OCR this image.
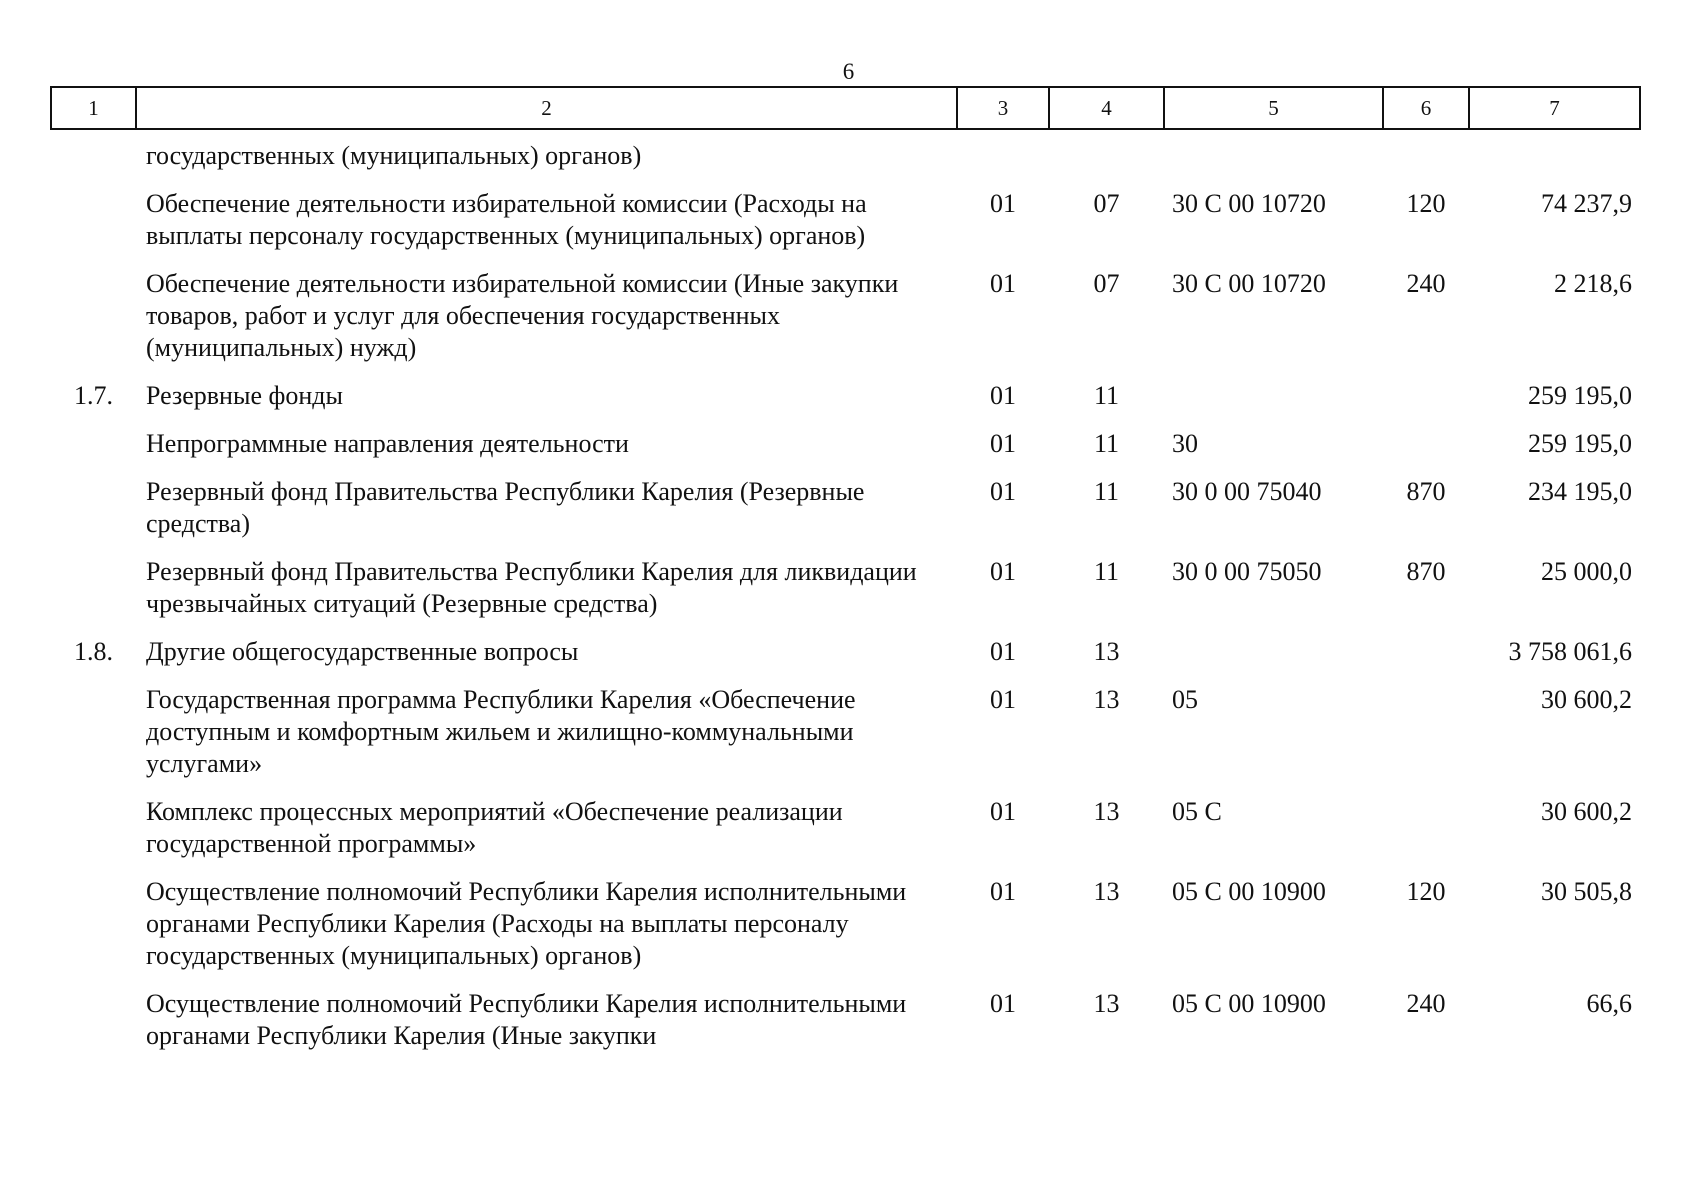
6
1	2	3	4	5	6	7
	государственных (муниципальных) органов)					
	Обеспечение деятельности избирательной комиссии (Расходы на выплаты персоналу государственных (муниципальных) органов)	01	07	30 С 00 10720	120	74 237,9
	Обеспечение деятельности избирательной комиссии (Иные закупки товаров, работ и услуг для обеспечения государственных (муниципальных) нужд)	01	07	30 С 00 10720	240	2 218,6
1.7.	Резервные фонды	01	11			259 195,0
	Непрограммные направления деятельности	01	11	30		259 195,0
	Резервный фонд Правительства Республики Карелия (Резервные средства)	01	11	30 0 00 75040	870	234 195,0
	Резервный фонд Правительства Республики Карелия для ликвидации чрезвычайных ситуаций (Резервные средства)	01	11	30 0 00 75050	870	25 000,0
1.8.	Другие общегосударственные вопросы	01	13			3 758 061,6
	Государственная программа Республики Карелия «Обеспечение доступным и комфортным жильем и жилищно-коммунальными услугами»	01	13	05		30 600,2
	Комплекс процессных мероприятий «Обеспечение реализации государственной программы»	01	13	05 С		30 600,2
	Осуществление полномочий Республики Карелия исполнительными органами Республики Карелия (Расходы на выплаты персоналу государственных (муниципальных) органов)	01	13	05 С 00 10900	120	30 505,8
	Осуществление полномочий Республики Карелия исполнительными органами Республики Карелия (Иные закупки	01	13	05 С 00 10900	240	66,6
